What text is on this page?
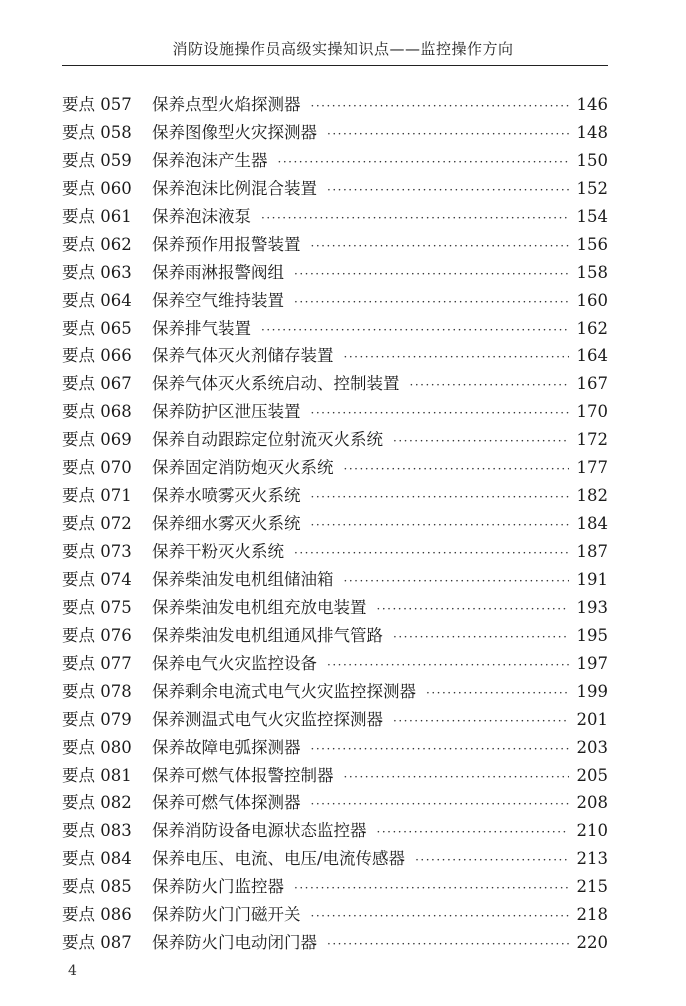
消防设施操作员高级实操知识点——监控操作方向
要点 057	保养点型火焰探测器 ·····	146
要点 058	保养图像型火灾探测器 ·····	148
要点 059	保养泡沫产生器 ·····	150
要点 060	保养泡沫比例混合装置 ·····	152
要点 061	保养泡沫液泵 ·····	154
要点 062	保养预作用报警装置 ·····	156
要点 063	保养雨淋报警阀组 ·····	158
要点 064	保养空气维持装置 ·····	160
要点 065	保养排气装置 ·····	162
要点 066	保养气体灭火剂储存装置 ·····	164
要点 067	保养气体灭火系统启动、控制装置 ·····	167
要点 068	保养防护区泄压装置 ·····	170
要点 069	保养自动跟踪定位射流灭火系统 ·····	172
要点 070	保养固定消防炮灭火系统 ·····	177
要点 071	保养水喷雾灭火系统 ·····	182
要点 072	保养细水雾灭火系统 ·····	184
要点 073	保养干粉灭火系统 ·····	187
要点 074	保养柴油发电机组储油箱 ·····	191
要点 075	保养柴油发电机组充放电装置 ·····	193
要点 076	保养柴油发电机组通风排气管路 ·····	195
要点 077	保养电气火灾监控设备 ·····	197
要点 078	保养剩余电流式电气火灾监控探测器 ·····	199
要点 079	保养测温式电气火灾监控探测器 ·····	201
要点 080	保养故障电弧探测器 ·····	203
要点 081	保养可燃气体报警控制器 ·····	205
要点 082	保养可燃气体探测器 ·····	208
要点 083	保养消防设备电源状态监控器 ·····	210
要点 084	保养电压、电流、电压/电流传感器 ·····	213
要点 085	保养防火门监控器 ·····	215
要点 086	保养防火门门磁开关 ·····	218
要点 087	保养防火门电动闭门器 ·····	220
4
